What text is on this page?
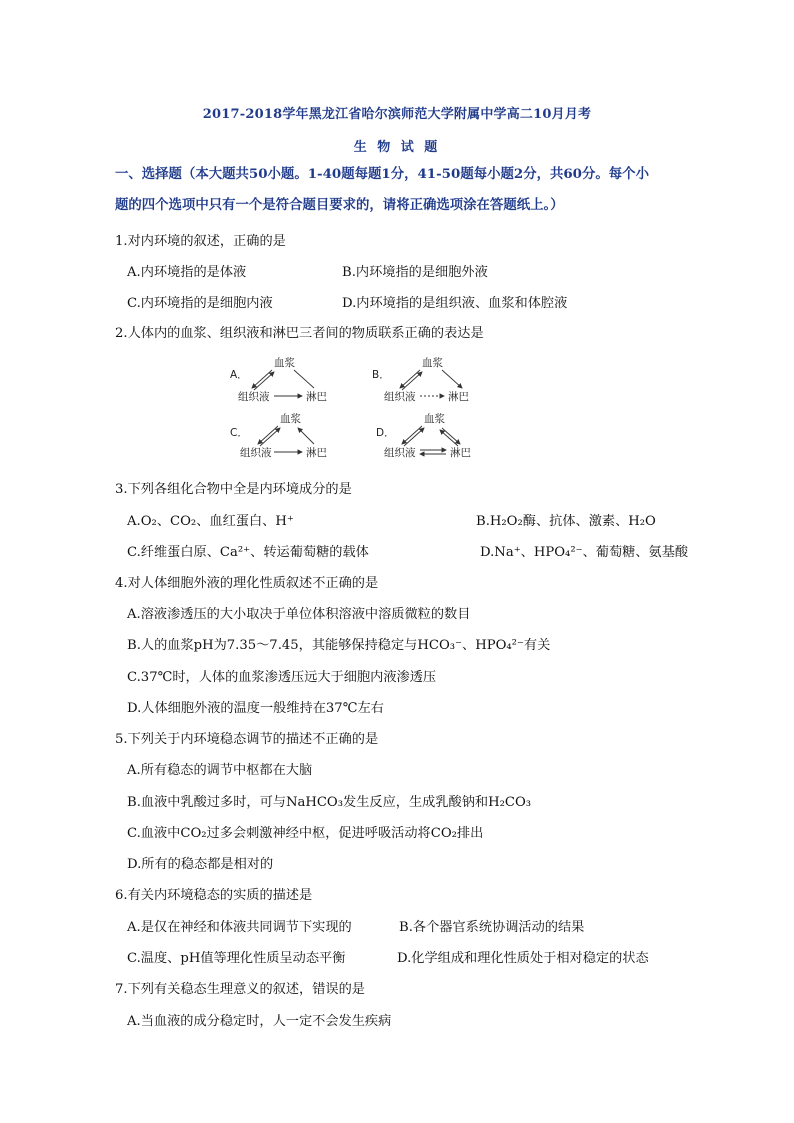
2017-2018学年黑龙江省哈尔滨师范大学附属中学高二10月月考
生 物 试 题
一、选择题（本大题共50小题。1-40题每题1分，41-50题每小题2分，共60分。每个小
题的四个选项中只有一个是符合题目要求的，请将正确选项涂在答题纸上。）
1.对内环境的叙述，正确的是
A.内环境指的是体液	B.内环境指的是细胞外液
C.内环境指的是细胞内液	D.内环境指的是组织液、血浆和体腔液
2.人体内的血浆、组织液和淋巴三者间的物质联系正确的表达是
A．
血浆
组织液	淋巴
B．
血浆
组织液	淋巴
C．
血浆
组织液	淋巴
D．
血浆
组织液	淋巴
3.下列各组化合物中全是内环境成分的是
A.O₂、CO₂、血红蛋白、H⁺	B.H₂O₂酶、抗体、激素、H₂O
C.纤维蛋白原、Ca²⁺、转运葡萄糖的载体	D.Na⁺、HPO₄²⁻、葡萄糖、氨基酸
4.对人体细胞外液的理化性质叙述不正确的是
A.溶液渗透压的大小取决于单位体积溶液中溶质微粒的数目
B.人的血浆pH为7.35～7.45，其能够保持稳定与HCO₃⁻、HPO₄²⁻有关
C.37℃时，人体的血浆渗透压远大于细胞内液渗透压
D.人体细胞外液的温度一般维持在37℃左右
5.下列关于内环境稳态调节的描述不正确的是
A.所有稳态的调节中枢都在大脑
B.血液中乳酸过多时，可与NaHCO₃发生反应，生成乳酸钠和H₂CO₃
C.血液中CO₂过多会刺激神经中枢，促进呼吸活动将CO₂排出
D.所有的稳态都是相对的
6.有关内环境稳态的实质的描述是
A.是仅在神经和体液共同调节下实现的	B.各个器官系统协调活动的结果
C.温度、pH值等理化性质呈动态平衡	D.化学组成和理化性质处于相对稳定的状态
7.下列有关稳态生理意义的叙述，错误的是
A.当血液的成分稳定时，人一定不会发生疾病
